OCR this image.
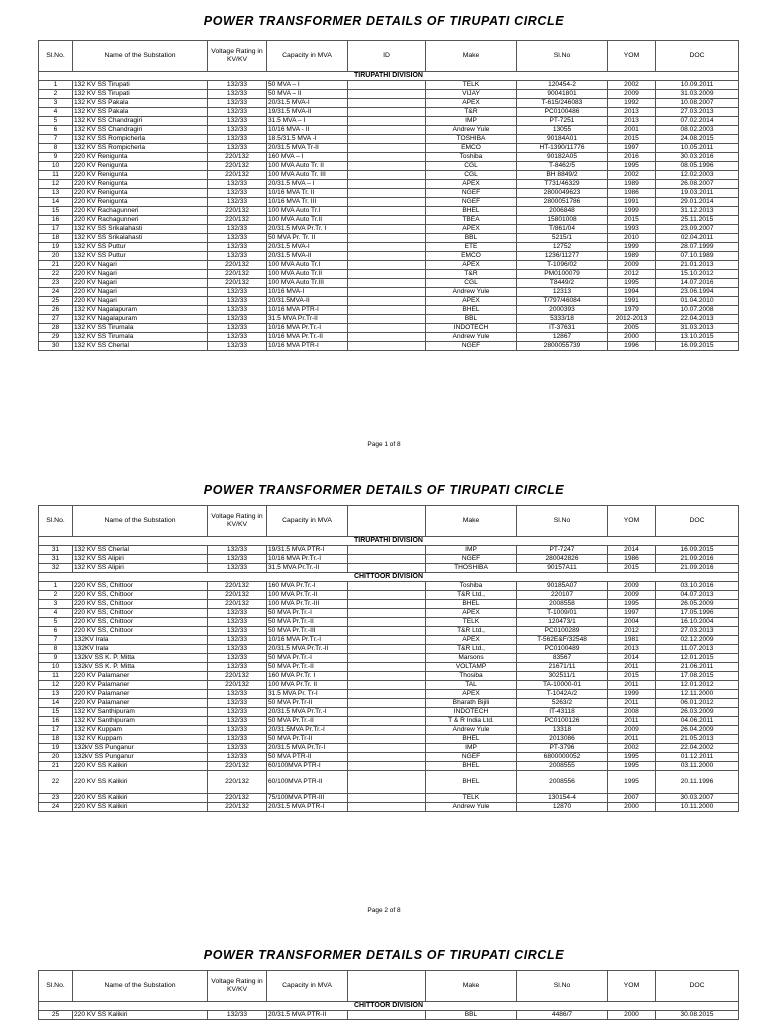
POWER TRANSFORMER DETAILS OF TIRUPATI CIRCLE
Sl.No.	Name of the Substation	Voltage Rating in KV/KV	Capacity in MVA	ID	Make	Sl.No	YOM	DOC
TIRUPATHI DIVISION								
1	132 KV SS Tirupati	132/33	50 MVA – I		TELK	120454-2	2002	10.09.2011
2	132 KV SS Tirupati	132/33	50 MVA – II		VIJAY	90041801	2009	31.03.2009
3	132 KV SS Pakala	132/33	20/31.5 MVA-I		APEX	T-615/246083	1992	10.08.2007
4	132 KV SS Pakala	132/33	19/31.5 MVA-II		T&R	PC0100486	2013	27.03.2013
5	132 KV SS Chandragiri	132/33	31.5 MVA – I		IMP	PT-7251	2013	07.02.2014
6	132 KV SS Chandragiri	132/33	10/16 MVA - II		Andrew Yule	13055	2001	08.02.2003
7	132 KV SS Rompicherla	132/33	18.5/31.5 MVA -I		TOSHIBA	90184A01	2015	24.08.2015
8	132 KV SS Rompicherla	132/33	20/31.5 MVA Tr-II		EMCO	HT-1390/11776	1997	10.05.2011
9	220 KV Renigunta	220/132	160 MVA – I		Toshiba	90182A05	2016	30.03.2016
10	220 KV Renigunta	220/132	100 MVA Auto Tr. II		CGL	T-8462/5	1995	08.05.1996
11	220 KV Renigunta	220/132	100 MVA Auto Tr. III		CGL	BH 8849/2	2002	12.02.2003
12	220 KV Renigunta	132/33	20/31.5 MVA – I		APEX	T731/46329	1989	26.08.2007
13	220 KV Renigunta	132/33	10/16 MVA Tr. II		NGEF	2800049623	1986	19.03.2011
14	220 KV Renigunta	132/33	10/16 MVA Tr. III		NGEF	2800051786	1991	29.01.2014
15	220 KV Rachagunneri	220/132	100 MVA Auto Tr.I		BHEL	2006848	1999	31.12.2013
16	220 KV Rachagunneri	220/132	100 MVA Auto Tr.II		TBEA	15801008	2015	25.11.2015
17	132 KV SS Srikalahasti	132/33	20/31.5 MVA Pr.Tr. I		APEX	T/861/04	1993	23.09.2007
18	132 KV SS Srikalahasti	132/33	50 MVA Pr. Tr. II		BBL	5215/1	2010	02.04.2011
19	132 KV SS Puttur	132/33	20/31.5 MVA-I		ETE	12752	1999	28.07.1999
20	132 KV SS Puttur	132/33	20/31.5 MVA-II		EMCO	1236/11277	1989	07.10.1989
21	220 KV Nagari	220/132	100 MVA Auto Tr.I		APEX	T-1096/02	2009	21.01.2013
22	220 KV Nagari	220/132	100 MVA Auto Tr.II		T&R	PM0100079	2012	15.10.2012
23	220 KV Nagari	220/132	100 MVA Auto Tr.III		CGL	T8449/2	1995	14.07.2016
24	220 KV Nagari	132/33	10/16 MVA-I		Andrew Yule	12313	1994	23.06.1994
25	220 KV Nagari	132/33	20/31.5MVA-II		APEX	T/797/46084	1991	01.04.2010
26	132 KV Nagalapuram	132/33	10/16 MVA PTR-I		BHEL	2000393	1979	10.07.2008
27	132 KV Nagalapuram	132/33	31.5 MVA Pr.Tr-II		BBL	5333/18	2012-2013	22.04.2013
28	132 KV SS Tirumala	132/33	10/16 MVA Pr.Tr.-I		INDOTECH	IT-37631	2005	31.03.2013
29	132 KV SS Tirumala	132/33	10/16 MVA Pr.Tr.-II		Andrew Yule	12867	2000	13.10.2015
30	132 KV SS Cherlal	132/33	10/16 MVA PTR-I		NGEF	2800055739	1996	16.09.2015
Page 1 of 8
POWER TRANSFORMER DETAILS OF TIRUPATI CIRCLE
Sl.No.	Name of the Substation	Voltage Rating in KV/KV	Capacity in MVA		Make	Sl.No	YOM	DOC
TIRUPATHI DIVISION								
31	132 KV SS Cherlal	132/33	19/31.5 MVA PTR-I		IMP	PT-7247	2014	16.09.2015
31	132 KV SS Alipiri	132/33	10/16 MVA Pr.Tr.-I		NGEF	280042826	1986	21.09.2016
32	132 KV SS Alipiri	132/33	31.5 MVA Pr.Tr.-II		THOSHIBA	90157A11	2015	21.09.2016
CHITTOOR DIVISION								
1	220 KV SS, Chittoor	220/132	160 MVA Pr.Tr.-I		Toshiba	90185A07	2009	03.10.2016
2	220 KV SS, Chittoor	220/132	100 MVA Pr.Tr.-II		T&R Ltd.,	220107	2009	04.07.2013
3	220 KV SS, Chittoor	220/132	100 MVA Pr.Tr.-III		BHEL	2008558	1995	26.05.2009
4	220 KV SS, Chittoor	132/33	50 MVA Pr.Tr.-I		APEX	T-1009/01	1997	17.05.1996
5	220 KV SS, Chittoor	132/33	50 MVA Pr.Tr.-II		TELK	120473/1	2004	16.10.2004
6	220 KV SS, Chittoor	132/33	50 MVA Pr.Tr.-III		T&R Ltd.,	PC0100289	2012	27.03.2013
7	132KV Irala	132/33	10/16 MVA Pr.Tr.-I		APEX	T-562E&F/32548	1981	02.12.2009
8	132KV Irala	132/33	20/31.5 MVA Pr.Tr.-II		T&R Ltd.,	PC0100489	2013	11.07.2013
9	132kV SS K. P. Mitta	132/33	50 MVA Pr.Tr.-I		Marsons	83567	2014	12.01.2015
10	132kV SS K. P. Mitta	132/33	50 MVA Pr.Tr.-II		VOLTAMP	21671/11	2011	21.06.2011
11	220 KV Palamaner	220/132	160 MVA Pr.Tr. I		Thosiba	302511/1	2015	17.08.2015
12	220 KV Palamaner	220/132	100 MVA Pr.Tr. II		TAL	TA-10000-01	2011	12.01.2012
13	220 KV Palamaner	132/33	31.5 MVA Pr. Tr-I		APEX	T-1042A/2	1999	12.11.2000
14	220 KV Palamaner	132/33	50 MVA Pr.Tr-II		Bharath Bijili	5263/2	2011	06.01.2012
15	132 KV Santhipuram	132/33	20/31.5 MVA Pr.Tr.-I		INDOTECH	IT-43118	2008	26.03.2009
16	132 KV Santhipuram	132/33	50 MVA Pr.Tr.-II		T & R India Ltd.	PC0100126	2011	04.06.2011
17	132 KV Kuppam	132/33	20/31.5MVA Pr.Tr.-I		Andrew Yule	13318	2009	26.04.2009
18	132 KV Kuppam	132/33	50 MVA Pr.Tr-II		BHEL	2013086	2011	21.05.2013
19	132kV SS Punganur	132/33	20/31.5 MVA Pr.Tr-I		IMP	PT-3796	2002	22.04.2002
20	132kV SS Punganur	132/33	50 MVA PTR-II		NGEF	6800000052	1995	01.12.2011
21	220 KV SS Kalikiri	220/132	60/100MVA PTR-I		BHEL	2008555	1995	03.11.2000
22	220 KV SS Kalikiri	220/132	60/100MVA PTR-II		BHEL	2008556	1995	20.11.1996
23	220 KV SS Kalikiri	220/132	75/100MVA PTR-III		TELK	130154-4	2007	30.03.2007
24	220 KV SS Kalikiri	220/132	20/31.5 MVA PTR-I		Andrew Yule	12870	2000	10.11.2000
Page 2 of 8
POWER TRANSFORMER DETAILS OF TIRUPATI CIRCLE
Sl.No.	Name of the Substation	Voltage Rating in KV/KV	Capacity in MVA		Make	Sl.No	YOM	DOC
CHITTOOR DIVISION								
25	220 KV SS Kalikiri	132/33	20/31.5 MVA PTR-II		BBL	4486/7	2000	30.08.2015
